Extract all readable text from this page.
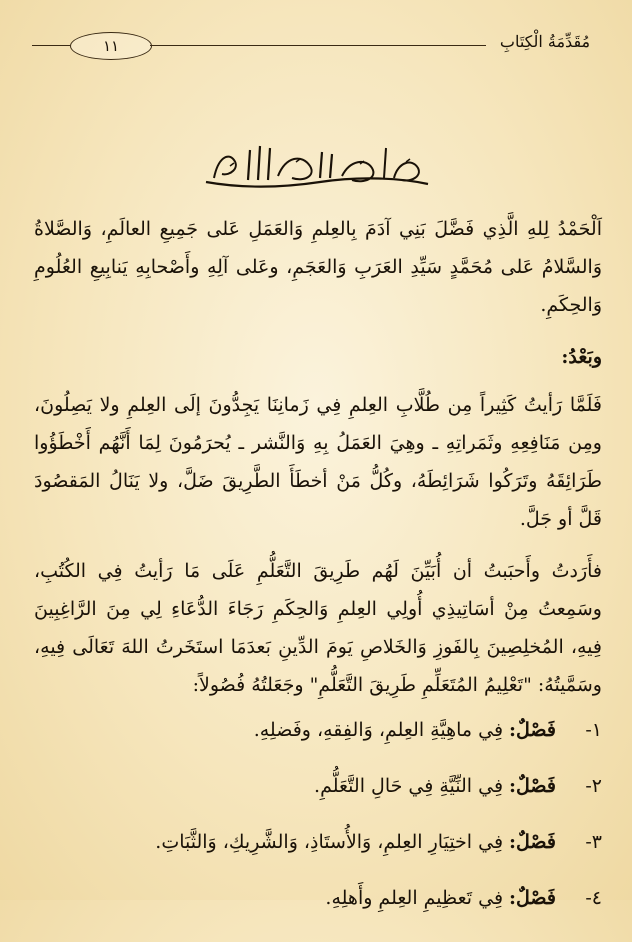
١١	مُقَدِّمَةُ الْكِتَابِ

اَلْحَمْدُ لِلهِ الَّذِي فَضَّلَ بَنِي آدَمَ بِالعِلمِ وَالعَمَلِ عَلى جَمِيعِ العالَمِ، وَالصَّلاةُ وَالسَّلامُ عَلى مُحَمَّدٍ سَيِّدِ العَرَبِ وَالعَجَمِ، وعَلى آلِهِ وأَصْحابِهِ يَنابِيعِ العُلُومِ وَالحِكَمِ.

وبَعْدُ:

فَلَمَّا رَأيتُ كَثِيراً مِن طُلَّابِ العِلمِ فِي زَمانِنَا يَجِدُّونَ إلَى العِلمِ ولا يَصِلُونَ، ومِن مَنَافِعِهِ وثَمَراتِهِ ـ وهِيَ العَمَلُ بِهِ وَالنَّشر ـ يُحرَمُونَ لِمَا أَنَّهُم أَخْطَؤُوا طَرَائِقَهُ وتَرَكُوا شَرَائِطَهُ، وكُلُّ مَنْ أخطَأَ الطَّرِيقَ ضَلَّ، ولا يَنَالُ المَقصُودَ قَلَّ أو جَلَّ.

فأَرَدتُ وأَحبَبتُ أن أُبَيِّنَ لَهُم طَرِيقَ التَّعَلُّمِ عَلَى مَا رَأيتُ فِي الكُتُبِ، وسَمِعتُ مِنْ أسَاتِيذِي أُولِي العِلمِ وَالحِكَمِ رَجَاءَ الدُّعَاءِ لِي مِنَ الرَّاغِبِينَ فِيهِ، المُخلِصِينَ بِالفَوزِ وَالخَلاصِ يَومَ الدِّينِ بَعدَمَا استَخَرتُ اللهَ تَعَالَى فِيهِ، وسَمَّيتُهُ: "تَعْلِيمُ المُتَعَلِّمِ طَرِيقَ التَّعَلُّمِ" وجَعَلتُهُ فُصُولاً:

١-
فَصْلٌ:
فِي ماهِيَّةِ العِلمِ، وَالفِقهِ، وفَضلِهِ.
٢-
فَصْلٌ:
فِي النِّيَّةِ فِي حَالِ التَّعَلُّمِ.
٣-
فَصْلٌ:
فِي اختِيَارِ العِلمِ، وَالأُستَاذِ، وَالشَّرِيكِ، وَالثَّبَاتِ.
٤-
فَصْلٌ:
فِي تَعظِيمِ العِلمِ وأَهلِهِ.
